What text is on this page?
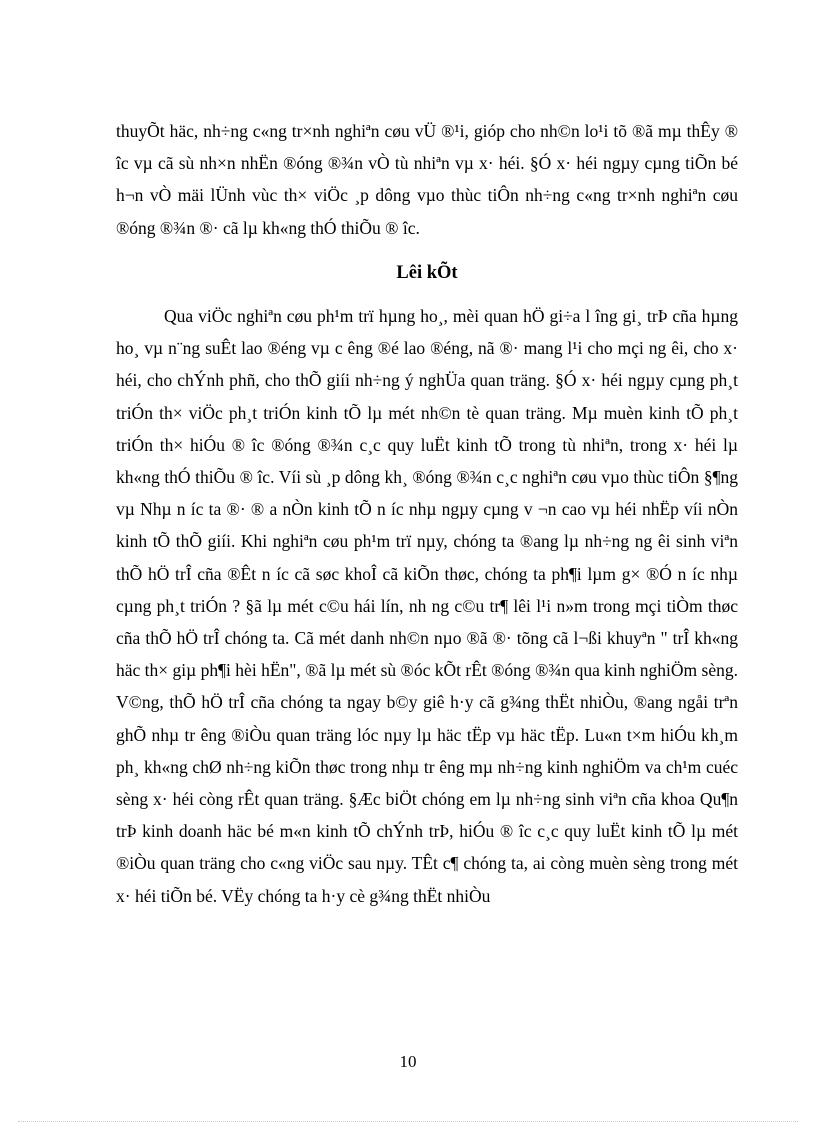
thuyÕt häc, nh÷ng c«ng tr×nh nghiªn cøu vÜ ®¹i, gióp cho nh©n lo¹i tõ ®ã mµ thÊy ® îc vµ cã sù nh×n nhËn ®óng ®¾n vÒ tù nhiªn vµ x· héi. §Ó x· héi ngµy cµng tiÕn bé h¬n vÒ mäi lÜnh vùc th× viÖc ¸p dông vµo thùc tiÔn nh÷ng c«ng tr×nh nghiªn cøu ®óng ®¾n ®· cã lµ kh«ng thÓ thiÕu ® îc.

Lêi kÕt

Qua viÖc nghiªn cøu ph¹m trï hµng ho¸, mèi quan hÖ gi÷a l îng gi¸ trÞ cña hµng ho¸ vµ n¨ng suÊt lao ®éng vµ c êng ®é lao ®éng, nã ®· mang l¹i cho mçi ng êi, cho x· héi, cho chÝnh phñ, cho thÕ giíi nh÷ng ý nghÜa quan träng. §Ó x· héi ngµy cµng ph¸t triÓn th× viÖc ph¸t triÓn kinh tÕ lµ mét nh©n tè quan träng. Mµ muèn kinh tÕ ph¸t triÓn th× hiÓu ® îc ®óng ®¾n c¸c quy luËt kinh tÕ trong tù nhiªn, trong x· héi lµ kh«ng thÓ thiÕu ® îc. Víi sù ¸p dông kh¸ ®óng ®¾n c¸c nghiªn cøu vµo thùc tiÔn §¶ng vµ Nhµ n íc ta ®· ® a nÒn kinh tÕ n íc nhµ ngµy cµng v ¬n cao vµ héi nhËp víi nÒn kinh tÕ thÕ giíi. Khi nghiªn cøu ph¹m trï nµy, chóng ta ®ang lµ nh÷ng ng êi sinh viªn thÕ hÖ trÎ cña ®Êt n íc cã søc khoÎ cã kiÕn thøc, chóng ta ph¶i lµm g× ®Ó n íc nhµ cµng ph¸t triÓn ? §ã lµ mét c©u hái lín, nh ng c©u tr¶ lêi l¹i n»m trong mçi tiÒm thøc cña thÕ hÖ trÎ chóng ta. Cã mét danh nh©n nµo ®ã ®· tõng cã l¬ßi khuyªn " trÎ kh«ng häc th× giµ ph¶i hèi hËn", ®ã lµ mét sù ®óc kÕt rÊt ®óng ®¾n qua kinh nghiÖm sèng. V©ng, thÕ hÖ trÎ cña chóng ta ngay b©y giê h·y cã g¾ng thËt nhiÒu, ®ang ngåi trªn ghÕ nhµ tr êng ®iÒu quan träng lóc nµy lµ häc tËp vµ häc tËp. Lu«n t×m hiÓu kh¸m ph¸ kh«ng chØ nh÷ng kiÕn thøc trong nhµ tr êng mµ nh÷ng kinh nghiÖm va ch¹m cuéc sèng x· héi còng rÊt quan träng. §Æc biÖt chóng em lµ nh÷ng sinh viªn cña khoa Qu¶n trÞ kinh doanh häc bé m«n kinh tÕ chÝnh trÞ, hiÓu ® îc c¸c quy luËt kinh tÕ lµ mét ®iÒu quan träng cho c«ng viÖc sau nµy. TÊt c¶ chóng ta, ai còng muèn sèng trong mét x· héi tiÕn bé. VËy chóng ta h·y cè g¾ng thËt nhiÒu

10
